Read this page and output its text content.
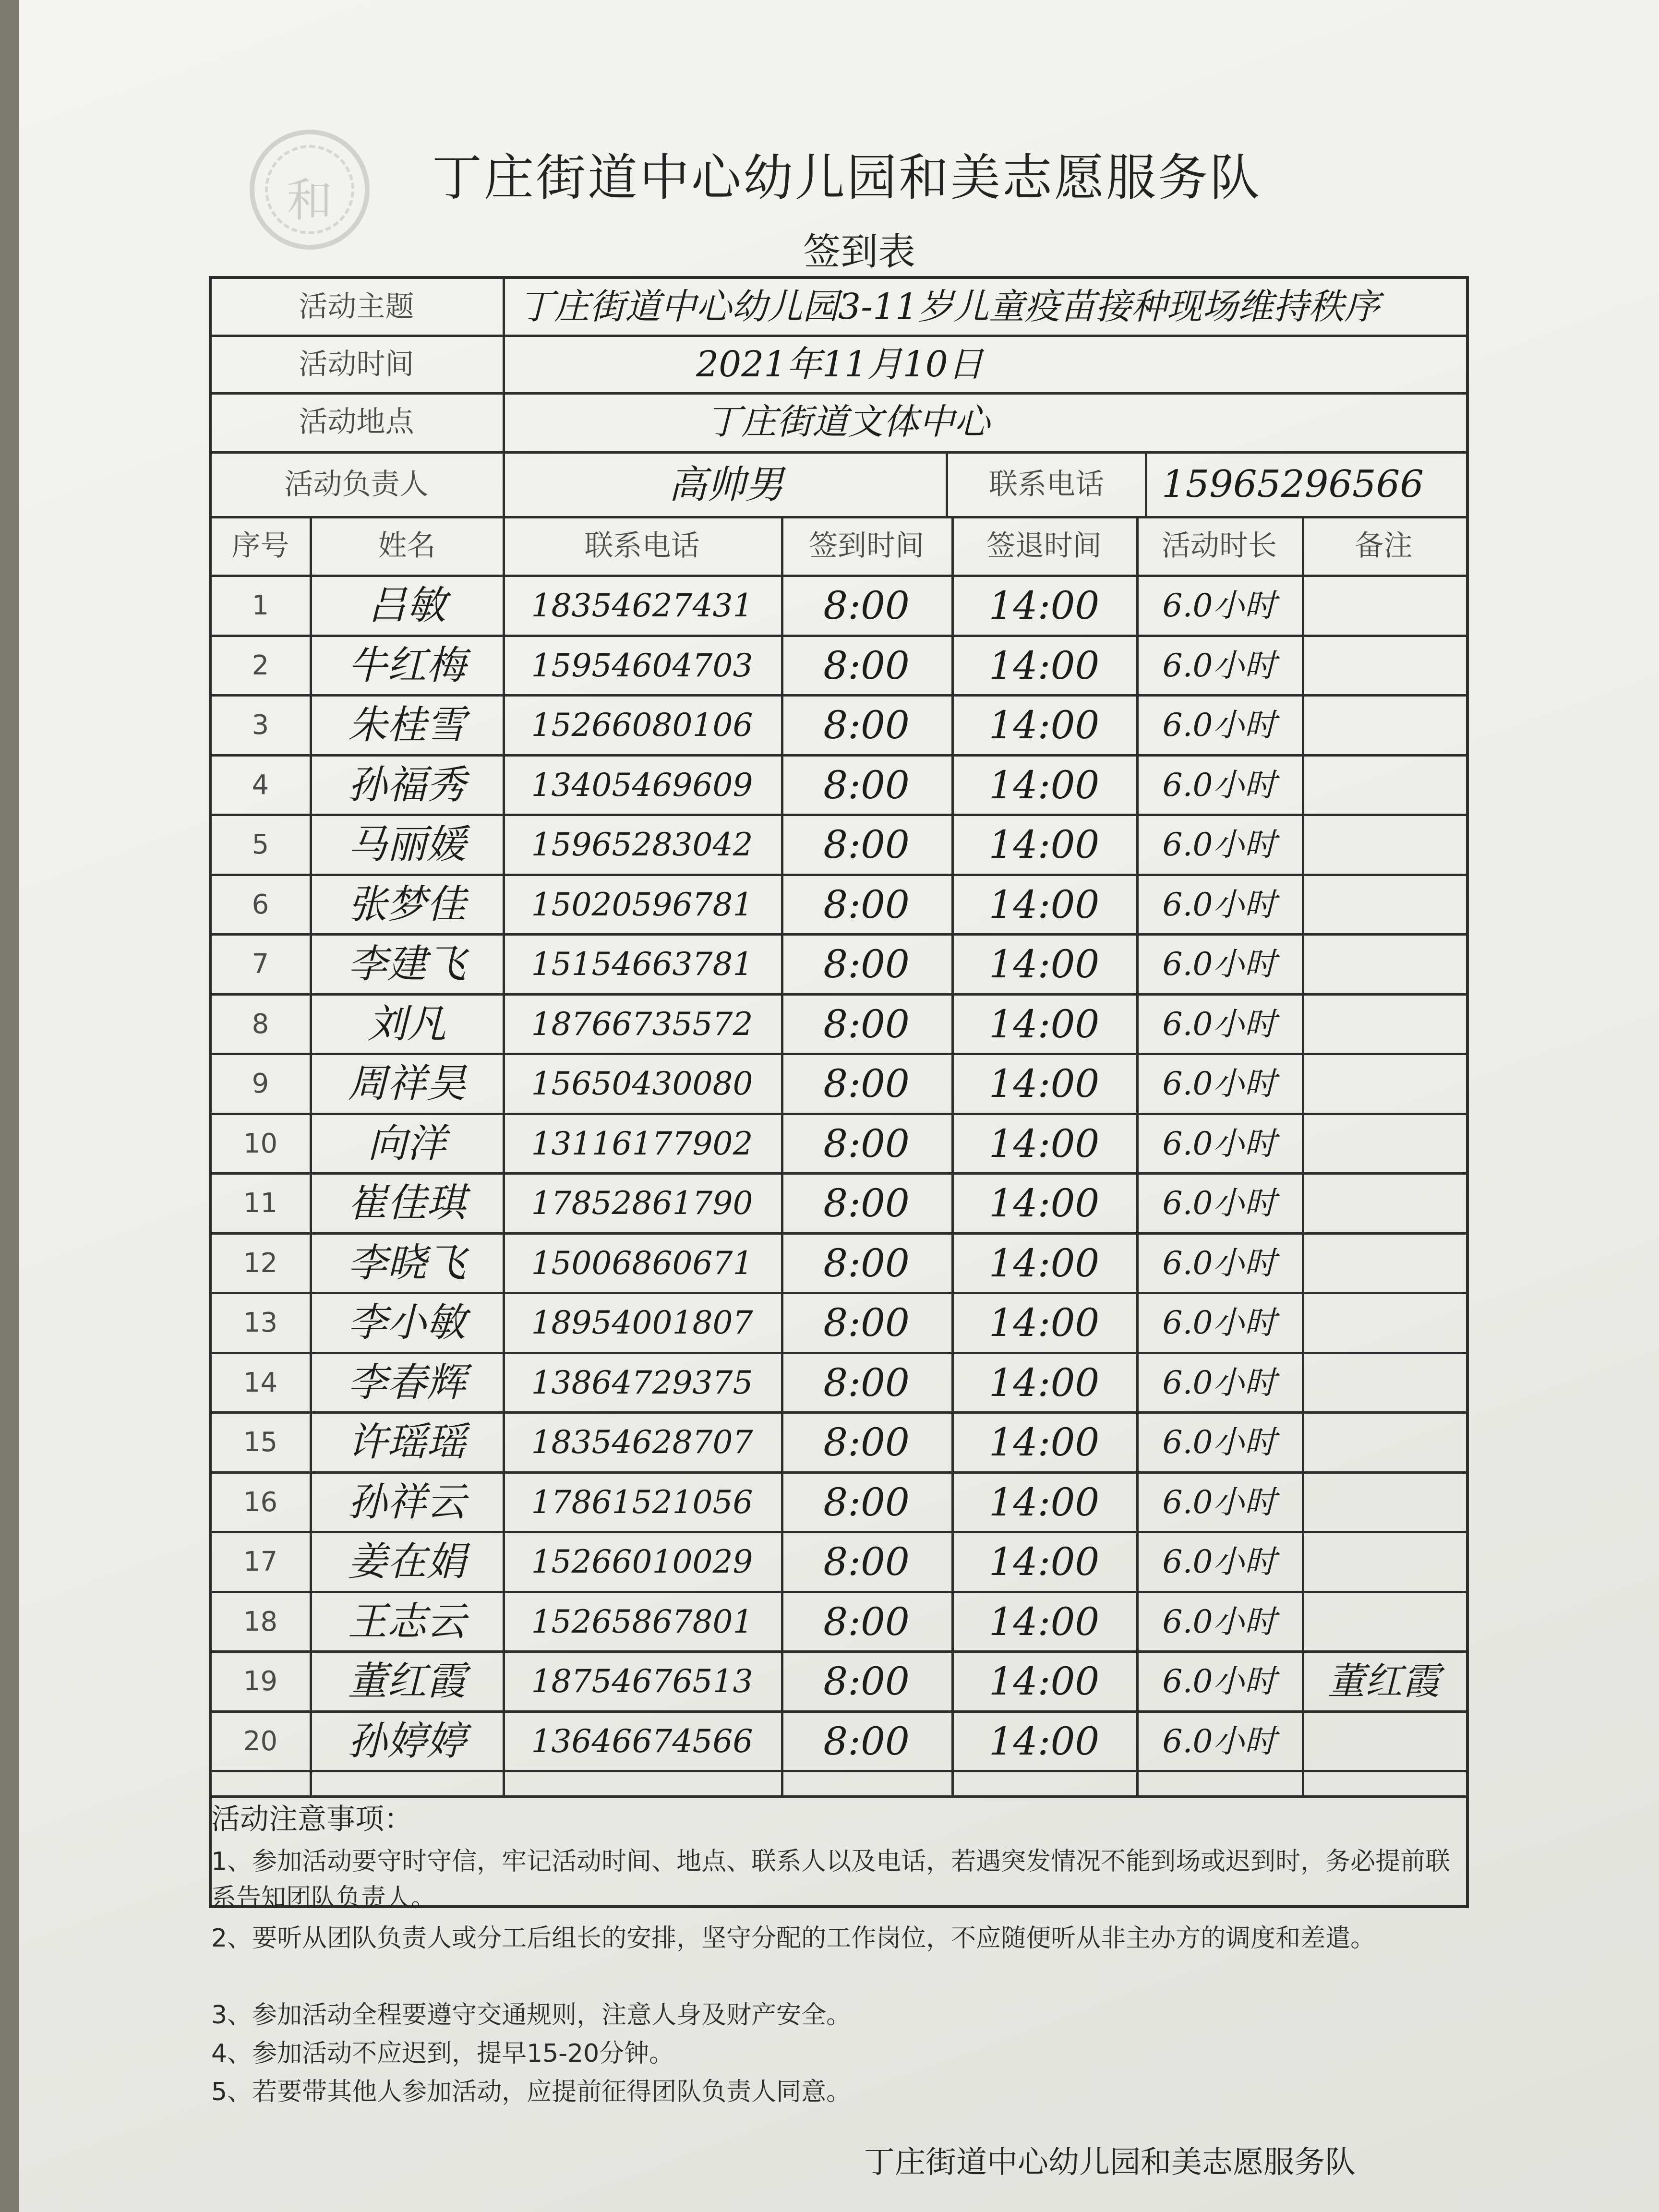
和	丁庄街道中心幼儿园和美志愿服务队
签到表
活动主题	丁庄街道中心幼儿园3-11岁儿童疫苗接种现场维持秩序
活动时间	2021年11月10日
活动地点	丁庄街道文体中心
活动负责人	高帅男	联系电话	15965296566
序号	姓名	联系电话	签到时间	签退时间	活动时长	备注
1	吕敏	18354627431	8:00	14:00	6.0小时
2	牛红梅	15954604703	8:00	14:00	6.0小时
3	朱桂雪	15266080106	8:00	14:00	6.0小时
4	孙福秀	13405469609	8:00	14:00	6.0小时
5	马丽媛	15965283042	8:00	14:00	6.0小时
6	张梦佳	15020596781	8:00	14:00	6.0小时
7	李建飞	15154663781	8:00	14:00	6.0小时
8	刘凡	18766735572	8:00	14:00	6.0小时
9	周祥昊	15650430080	8:00	14:00	6.0小时
10	向洋	13116177902	8:00	14:00	6.0小时
11	崔佳琪	17852861790	8:00	14:00	6.0小时
12	李晓飞	15006860671	8:00	14:00	6.0小时
13	李小敏	18954001807	8:00	14:00	6.0小时
14	李春辉	13864729375	8:00	14:00	6.0小时
15	许瑶瑶	18354628707	8:00	14:00	6.0小时
16	孙祥云	17861521056	8:00	14:00	6.0小时
17	姜在娟	15266010029	8:00	14:00	6.0小时
18	王志云	15265867801	8:00	14:00	6.0小时
19	董红霞	18754676513	8:00	14:00	6.0小时	董红霞
20	孙婷婷	13646674566	8:00	14:00	6.0小时
活动注意事项：
1、参加活动要守时守信，牢记活动时间、地点、联系人以及电话，若遇突发情况不能到场或迟到时，务必提前联系告知团队负责人。
2、要听从团队负责人或分工后组长的安排，坚守分配的工作岗位，不应随便听从非主办方的调度和差遣。
3、参加活动全程要遵守交通规则，注意人身及财产安全。
4、参加活动不应迟到，提早15-20分钟。
5、若要带其他人参加活动，应提前征得团队负责人同意。
丁庄街道中心幼儿园和美志愿服务队
